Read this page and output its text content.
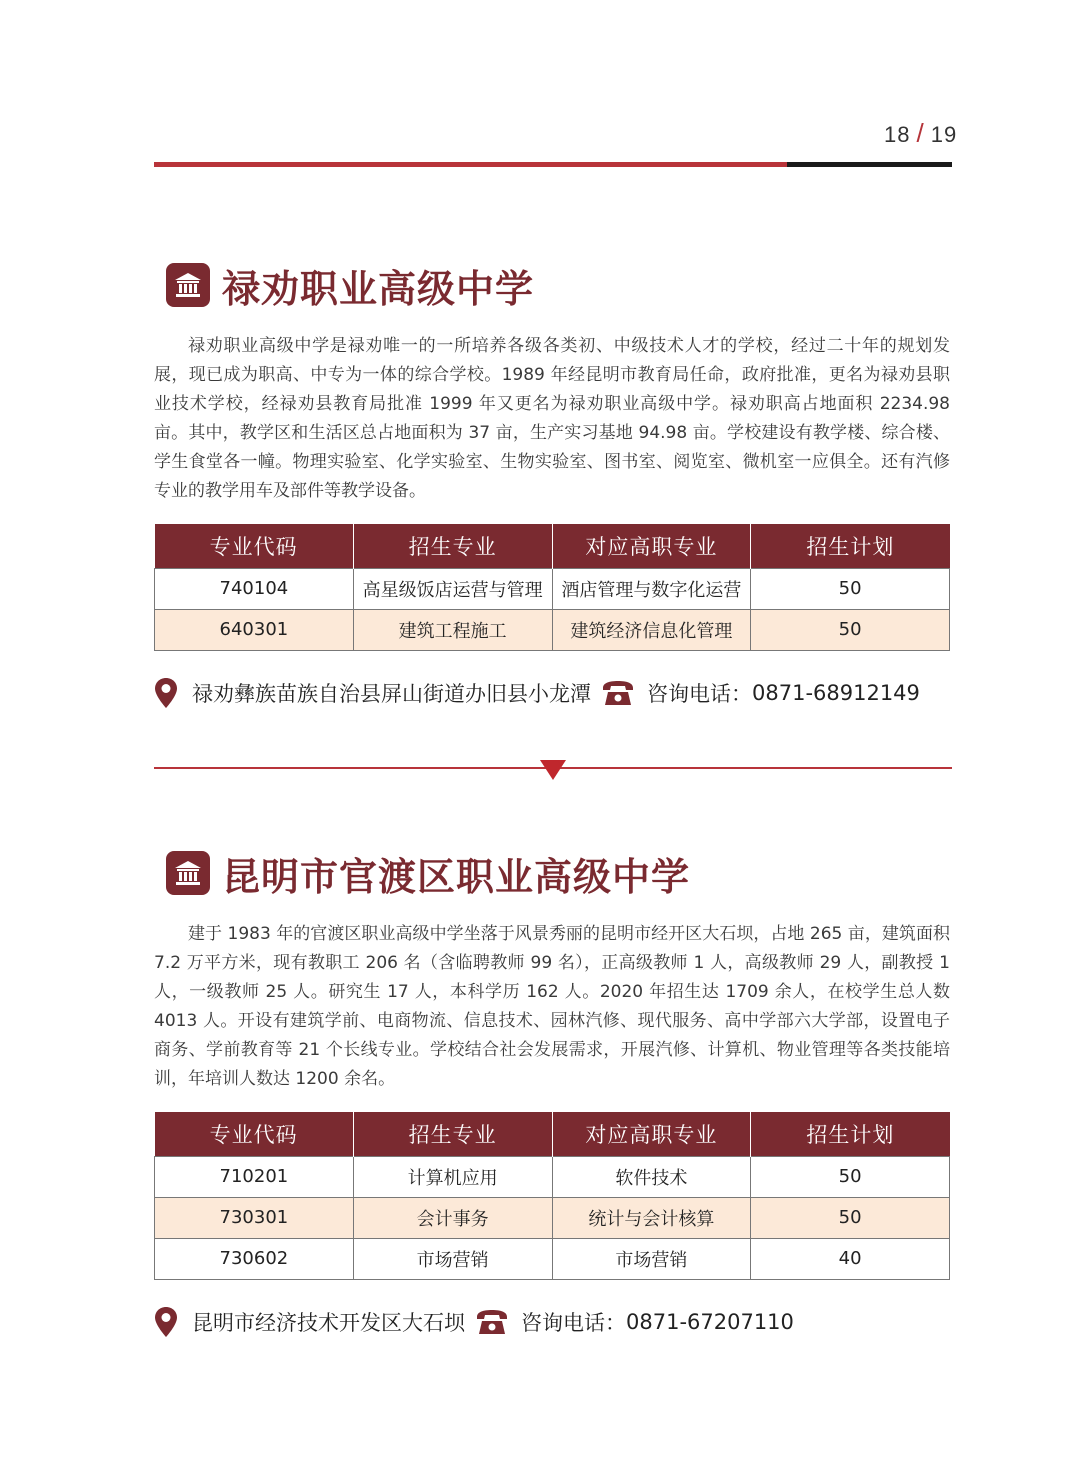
18 / 19
禄劝职业高级中学

禄劝职业高级中学是禄劝唯一的一所培养各级各类初、中级技术人才的学校，经过二十年的规划发展，现已成为职高、中专为一体的综合学校。1989 年经昆明市教育局任命，政府批准，更名为禄劝县职业技术学校，经禄劝县教育局批准 1999 年又更名为禄劝职业高级中学。禄劝职高占地面积 2234.98 亩。其中，教学区和生活区总占地面积为 37 亩，生产实习基地 94.98 亩。学校建设有教学楼、综合楼、学生食堂各一幢。物理实验室、化学实验室、生物实验室、图书室、阅览室、微机室一应俱全。还有汽修专业的教学用车及部件等教学设备。

专业代码	招生专业	对应高职专业	招生计划
740104	高星级饭店运营与管理	酒店管理与数字化运营	50
640301	建筑工程施工	建筑经济信息化管理	50
禄劝彝族苗族自治县屏山街道办旧县小龙潭	咨询电话： 0871-68912149
昆明市官渡区职业高级中学

建于 1983 年的官渡区职业高级中学坐落于风景秀丽的昆明市经开区大石坝，占地 265 亩，建筑面积 7.2 万平方米，现有教职工 206 名（含临聘教师 99 名），正高级教师 1 人，高级教师 29 人，副教授 1 人，一级教师 25 人。研究生 17 人，本科学历 162 人。2020 年招生达 1709 余人，在校学生总人数 4013 人。开设有建筑学前、电商物流、信息技术、园林汽修、现代服务、高中学部六大学部，设置电子商务、学前教育等 21 个长线专业。学校结合社会发展需求，开展汽修、计算机、物业管理等各类技能培训，年培训人数达 1200 余名。

专业代码	招生专业	对应高职专业	招生计划
710201	计算机应用	软件技术	50
730301	会计事务	统计与会计核算	50
730602	市场营销	市场营销	40
昆明市经济技术开发区大石坝	咨询电话： 0871-67207110
